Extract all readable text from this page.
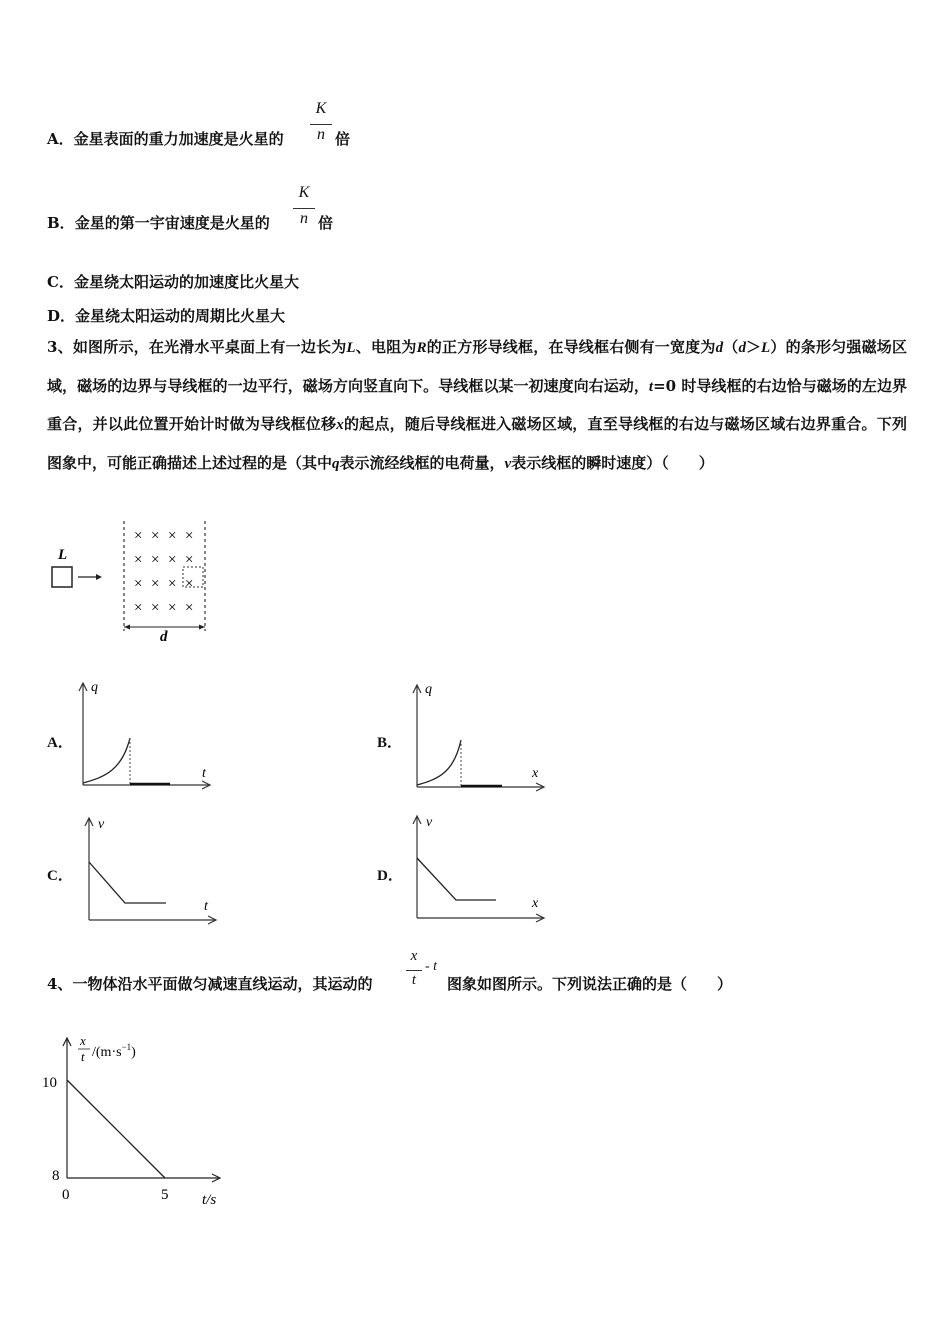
A．金星表面的重力加速度是火星的
K
n 倍
B．金星的第一宇宙速度是火星的
K
n 倍
C．金星绕太阳运动的加速度比火星大
D．金星绕太阳运动的周期比火星大
3、如图所示，在光滑水平桌面上有一边长为L、电阻为R的正方形导线框，在导线框右侧有一宽度为d（d＞L）的条形匀强磁场区域，磁场的边界与导线框的一边平行，磁场方向竖直向下。导线框以某一初速度向右运动，t=0 时导线框的右边恰与磁场的左边界重合，并以此位置开始计时做为导线框位移x的起点，随后导线框进入磁场区域，直至导线框的右边与磁场区域右边界重合。下列图象中，可能正确描述上述过程的是（其中q表示流经线框的电荷量，v表示线框的瞬时速度）（　　）
L
× × × ×
× × × ×
× × × ×
× × × ×
d
A．
q
t
B．
q
x
C．
v
t
D．
v
x
4、一物体沿水平面做匀减速直线运动，其运动的
x
t
- t
图象如图所示。下列说法正确的是（　　）
x
t $/(m\cdot s^{-1})$
10
8
0	5 t/s
